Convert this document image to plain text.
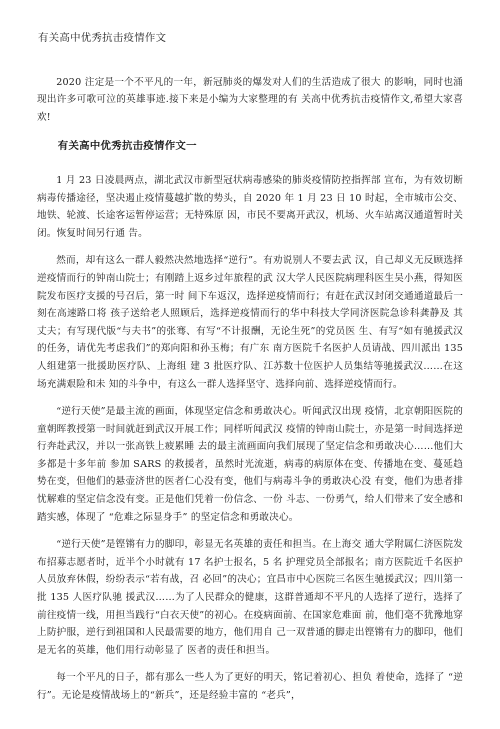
有关高中优秀抗击疫情作文

2020 注定是一个不平凡的一年，新冠肺炎的爆发对人们的生活造成了很大 的影响，同时也涌现出许多可歌可泣的英雄事迹.接下来是小编为大家整理的有 关高中优秀抗击疫情作文,希望大家喜欢!

有关高中优秀抗击疫情作文一

1 月 23 日凌晨两点，湖北武汉市新型冠状病毒感染的肺炎疫情防控指挥部 宣布，为有效切断病毒传播途径，坚决遏止疫情蔓越扩散的势头，自 2020 年 1 月 23 日 10 时起，全市城市公交、地铁、轮渡、长途客运暂停运营；无特殊原 因，市民不要离开武汉，机场、火车站离汉通道暂时关闭。恢复时间另行通 告。

然而，却有这么一群人毅然决然地选择“逆行”。有劝说别人不要去武 汉，自己却义无反顾选择逆疫情而行的钟南山院士；有刚踏上返乡过年旅程的武 汉大学人民医院病理科医生吴小燕，得知医院发布医疗支援的号召后，第一时 间下车返汉，选择逆疫情而行；有赶在武汉封闭交通通道最后一刻在高速路口将 孩子送给老人照顾后，选择逆疫情而行的华中科技大学同济医院急诊科龚静及 其丈夫；有写现代版“与夫书”的张骞、有写“不计报酬，无论生死”的党员医 生、有写“如有驰援武汉的任务，请优先考虑我们”的郑向阳和孙玉梅；有广东 南方医院千名医护人员请战、四川派出 135 人组建第一批援助医疗队、上海组 建 3 批医疗队、江苏数十位医护人员集结等驰援武汉……在这场充满艰险和未 知的斗争中，有这么一群人选择坚守、选择向前、选择逆疫情而行。

“逆行天使”是最主流的画面，体现坚定信念和勇敢决心。听闻武汉出现 疫情，北京朝阳医院的童朝晖教授第一时间就赶到武汉开展工作；同样听闻武汉 疫情的钟南山院士，亦是第一时间选择逆行奔赴武汉，并以一张高铁上疲累睡 去的最主流画面向我们展现了坚定信念和勇敢决心……他们大多都是十多年前 参加 SARS 的救援者，虽然时光流逝，病毒的病原体在变、传播地在变、蔓延趋 势在变，但他们的悬壶济世的医者仁心没有变，他们与病毒斗争的勇敢决心没 有变，他们为患者排忧解难的坚定信念没有变。正是他们凭着一份信念、一份 斗志、一份勇气，给人们带来了安全感和踏实感，体现了 “危难之际显身手” 的坚定信念和勇敢决心。

“逆行天使”是铿锵有力的脚印，彰显无名英雄的责任和担当。在上海交 通大学附属仁济医院发布招募志愿者时，近半个小时就有 17 名护士报名，5 名 护理党员全部报名；南方医院近千名医护人员放弃休假，纷纷表示“若有战，召 必回”的决心；宜昌市中心医院三名医生驰援武汉；四川第一批 135 人医疗队驰 援武汉……为了人民群众的健康，这群普通却不平凡的人选择了逆行，选择了 前往疫情一线，用担当践行“白衣天使”的初心。在疫病面前、在国家危难面 前，他们毫不犹豫地穿上防护服，逆行到祖国和人民最需要的地方，他们用自 己一双普通的脚走出铿锵有力的脚印，他们是无名的英雄，他们用行动彰显了 医者的责任和担当。

每一个平凡的日子，都有那么一些人为了更好的明天，铭记着初心、担负 着使命，选择了 “逆行”。无论是疫情战场上的“新兵”，还是经验丰富的 “老兵”，
